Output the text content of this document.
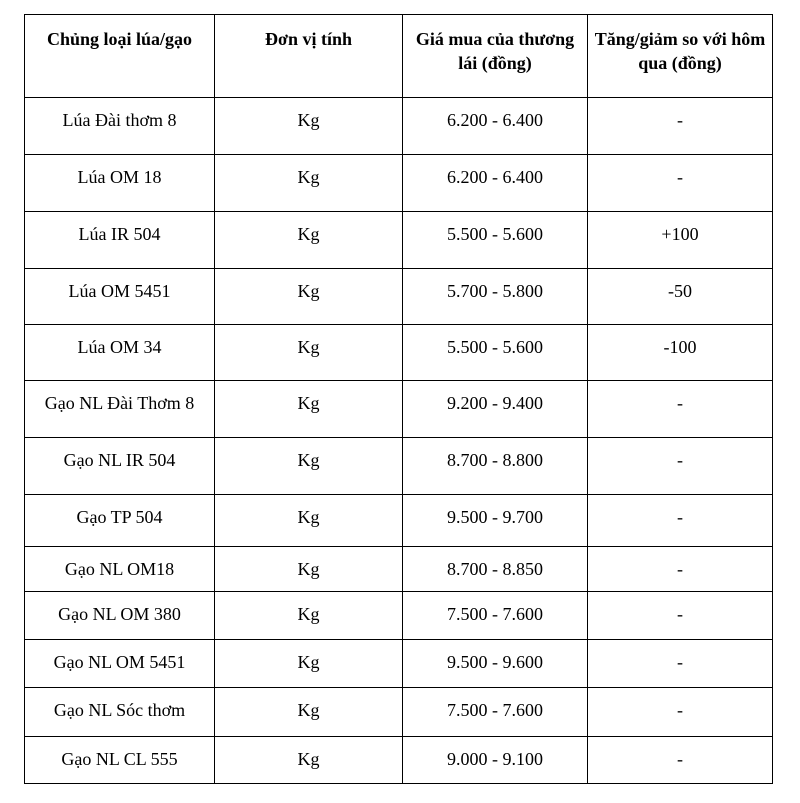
Chủng loại lúa/gạo	Đơn vị tính	Giá mua của thương lái (đồng)	Tăng/giảm so với hôm qua (đồng)
Lúa Đài thơm 8	Kg	6.200 - 6.400	-
Lúa OM 18	Kg	6.200 - 6.400	-
Lúa IR 504	Kg	5.500 - 5.600	+100
Lúa OM 5451	Kg	5.700 - 5.800	-50
Lúa OM 34	Kg	5.500 - 5.600	-100
Gạo NL Đài Thơm 8	Kg	9.200 - 9.400	-
Gạo NL IR 504	Kg	8.700 - 8.800	-
Gạo TP 504	Kg	9.500 - 9.700	-
Gạo NL OM18	Kg	8.700 - 8.850	-
Gạo NL OM 380	Kg	7.500 - 7.600	-
Gạo NL OM 5451	Kg	9.500 - 9.600	-
Gạo NL Sóc thơm	Kg	7.500 - 7.600	-
Gạo NL CL 555	Kg	9.000 - 9.100	-
